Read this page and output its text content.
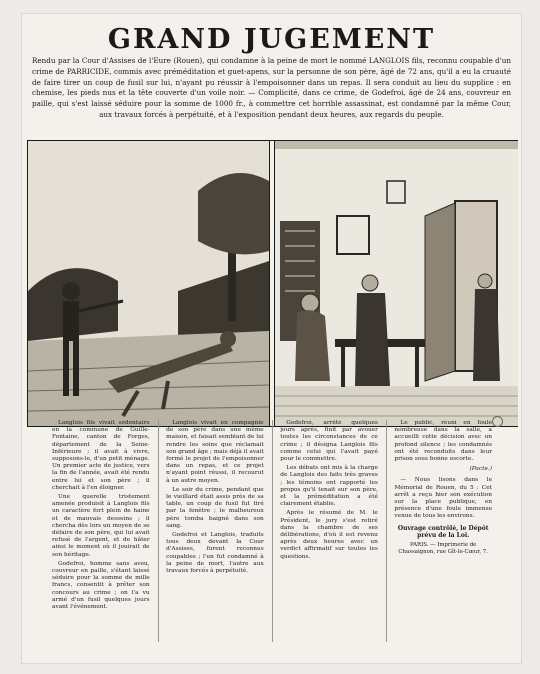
GRAND JUGEMENT
Rendu par la Cour d'Assises de l'Eure (Rouen), qui condamne à la peine de mort le nommé LANGLOIS fils, reconnu coupable d'un crime de PARRICIDE, commis avec préméditation et guet-apens, sur la personne de son père, âgé de 72 ans, qu'il a eu la cruauté de faire tirer un coup de fusil sur lui, n'ayant pu réussir à l'empoisonner dans un repas. Il sera conduit au lieu du supplice : en chemise, les pieds nus et la tête couverte d'un voile noir. — Complicité, dans ce crime, de Godefroi, âgé de 24 ans, couvreur en paille, qui s'est laissé séduire pour la somme de 1000 fr., à commettre cet horrible assassinat, est condamné par la même Cour, aux travaux forcés à perpétuité, et à l'exposition pendant deux heures, aux regards du peuple.

Langlois fils vivait sédentaire en la commune de Guille-Fontaine, canton de Forges, département de la Seine-Inférieure ; il avait à vivre, supposons-le, d'un petit ménage. Un premier acte de justice, vers la fin de l'année, avait été rendu entre lui et son père ; il cherchait à l'en éloigner.

Une querelle tristement amenée produisit à Langlois fils un caractère fort plein de haine et de mauvais desseins ; il chercha dès lors un moyen de se défaire de son père, qui lui avait refusé de l'argent, et de hâter ainsi le moment où il jouirait de son héritage.

Godefroi, homme sans aveu, couvreur en paille, s'étant laissé séduire pour la somme de mille francs, consentit à prêter son concours au crime ; on l'a vu armé d'un fusil quelques jours avant l'événement.

Langlois vivait en compagnie de son père dans une même maison, et faisait semblant de lui rendre les soins que réclamait son grand âge ; mais déjà il avait formé le projet de l'empoisonner dans un repas, et ce projet n'ayant point réussi, il recourut à un autre moyen.

Le soir du crime, pendant que le vieillard était assis près de sa table, un coup de fusil fut tiré par la fenêtre ; le malheureux père tomba baigné dans son sang.

Godefroi et Langlois, traduits tous deux devant la Cour d'Assises, furent reconnus coupables ; l'un fut condamné à la peine de mort, l'autre aux travaux forcés à perpétuité.

Godefroi, arrêté quelques jours après, finit par avouer toutes les circonstances de ce crime ; il désigna Langlois fils comme celui qui l'avait payé pour le commettre.

Les débats ont mis à la charge de Langlois des faits très graves ; les témoins ont rapporté les propos qu'il tenait sur son père, et la préméditation a été clairement établie.

Après le résumé de M. le Président, le jury s'est retiré dans la chambre de ses délibérations, d'où il est revenu après deux heures avec un verdict affirmatif sur toutes les questions.

Le public, réuni en foule nombreuse dans la salle, a accueilli cette décision avec un profond silence ; les condamnés ont été reconduits dans leur prison sous bonne escorte.

(Pacte.)

— Nous lisons dans le Mémorial de Rouen, du 5 : Cet arrêt a reçu hier son exécution sur la place publique, en présence d'une foule immense venue de tous les environs.

Ouvrage contrôlé, le Dépôt prévu de la Loi.
PARIS. — Imprimerie de Chassaignon, rue Gît-le-Cœur, 7.
